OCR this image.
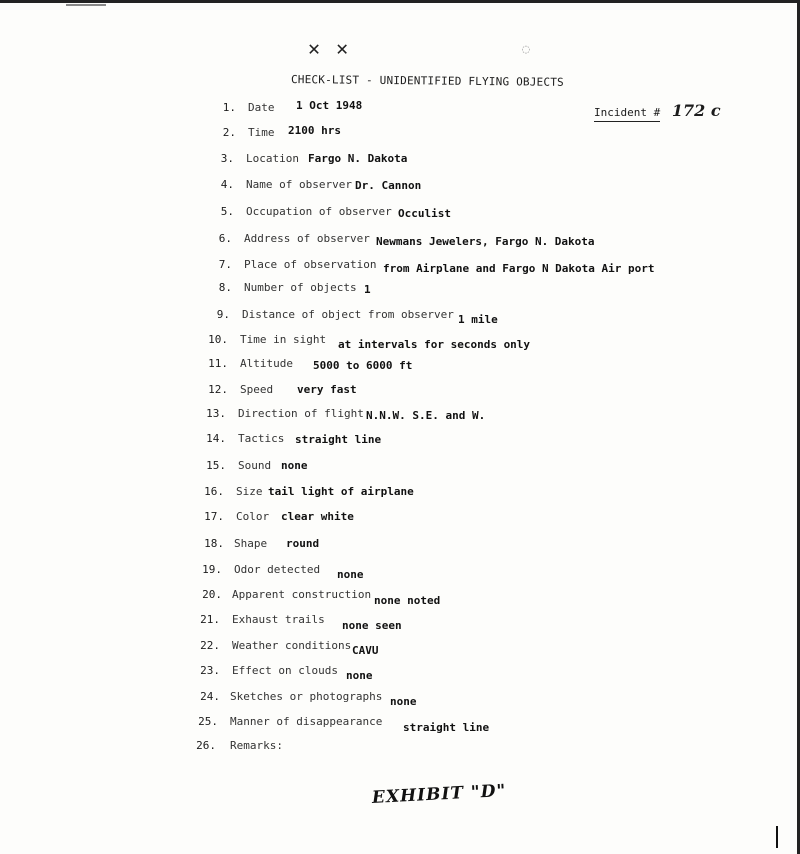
✕ ✕	◌
CHECK-LIST - UNIDENTIFIED FLYING OBJECTS
Incident # 172 c
1. Date 1 Oct 1948
2. Time 2100 hrs
3. Location Fargo N. Dakota
4. Name of observer Dr. Cannon
5. Occupation of observer Occulist
6. Address of observer Newmans Jewelers, Fargo N. Dakota
7. Place of observation from Airplane and Fargo N Dakota Air port
8. Number of objects 1
9. Distance of object from observer 1 mile
10. Time in sight at intervals for seconds only
11. Altitude 5000 to 6000 ft
12. Speed very fast
13. Direction of flight N.N.W. S.E. and W.
14. Tactics straight line
15. Sound none
16. Size tail light of airplane
17. Color clear white
18. Shape round
19. Odor detected none
20. Apparent construction none noted
21. Exhaust trails none seen
22. Weather conditions CAVU
23. Effect on clouds none
24. Sketches or photographs none
25. Manner of disappearance straight line
26. Remarks:
EXHIBIT "D"
